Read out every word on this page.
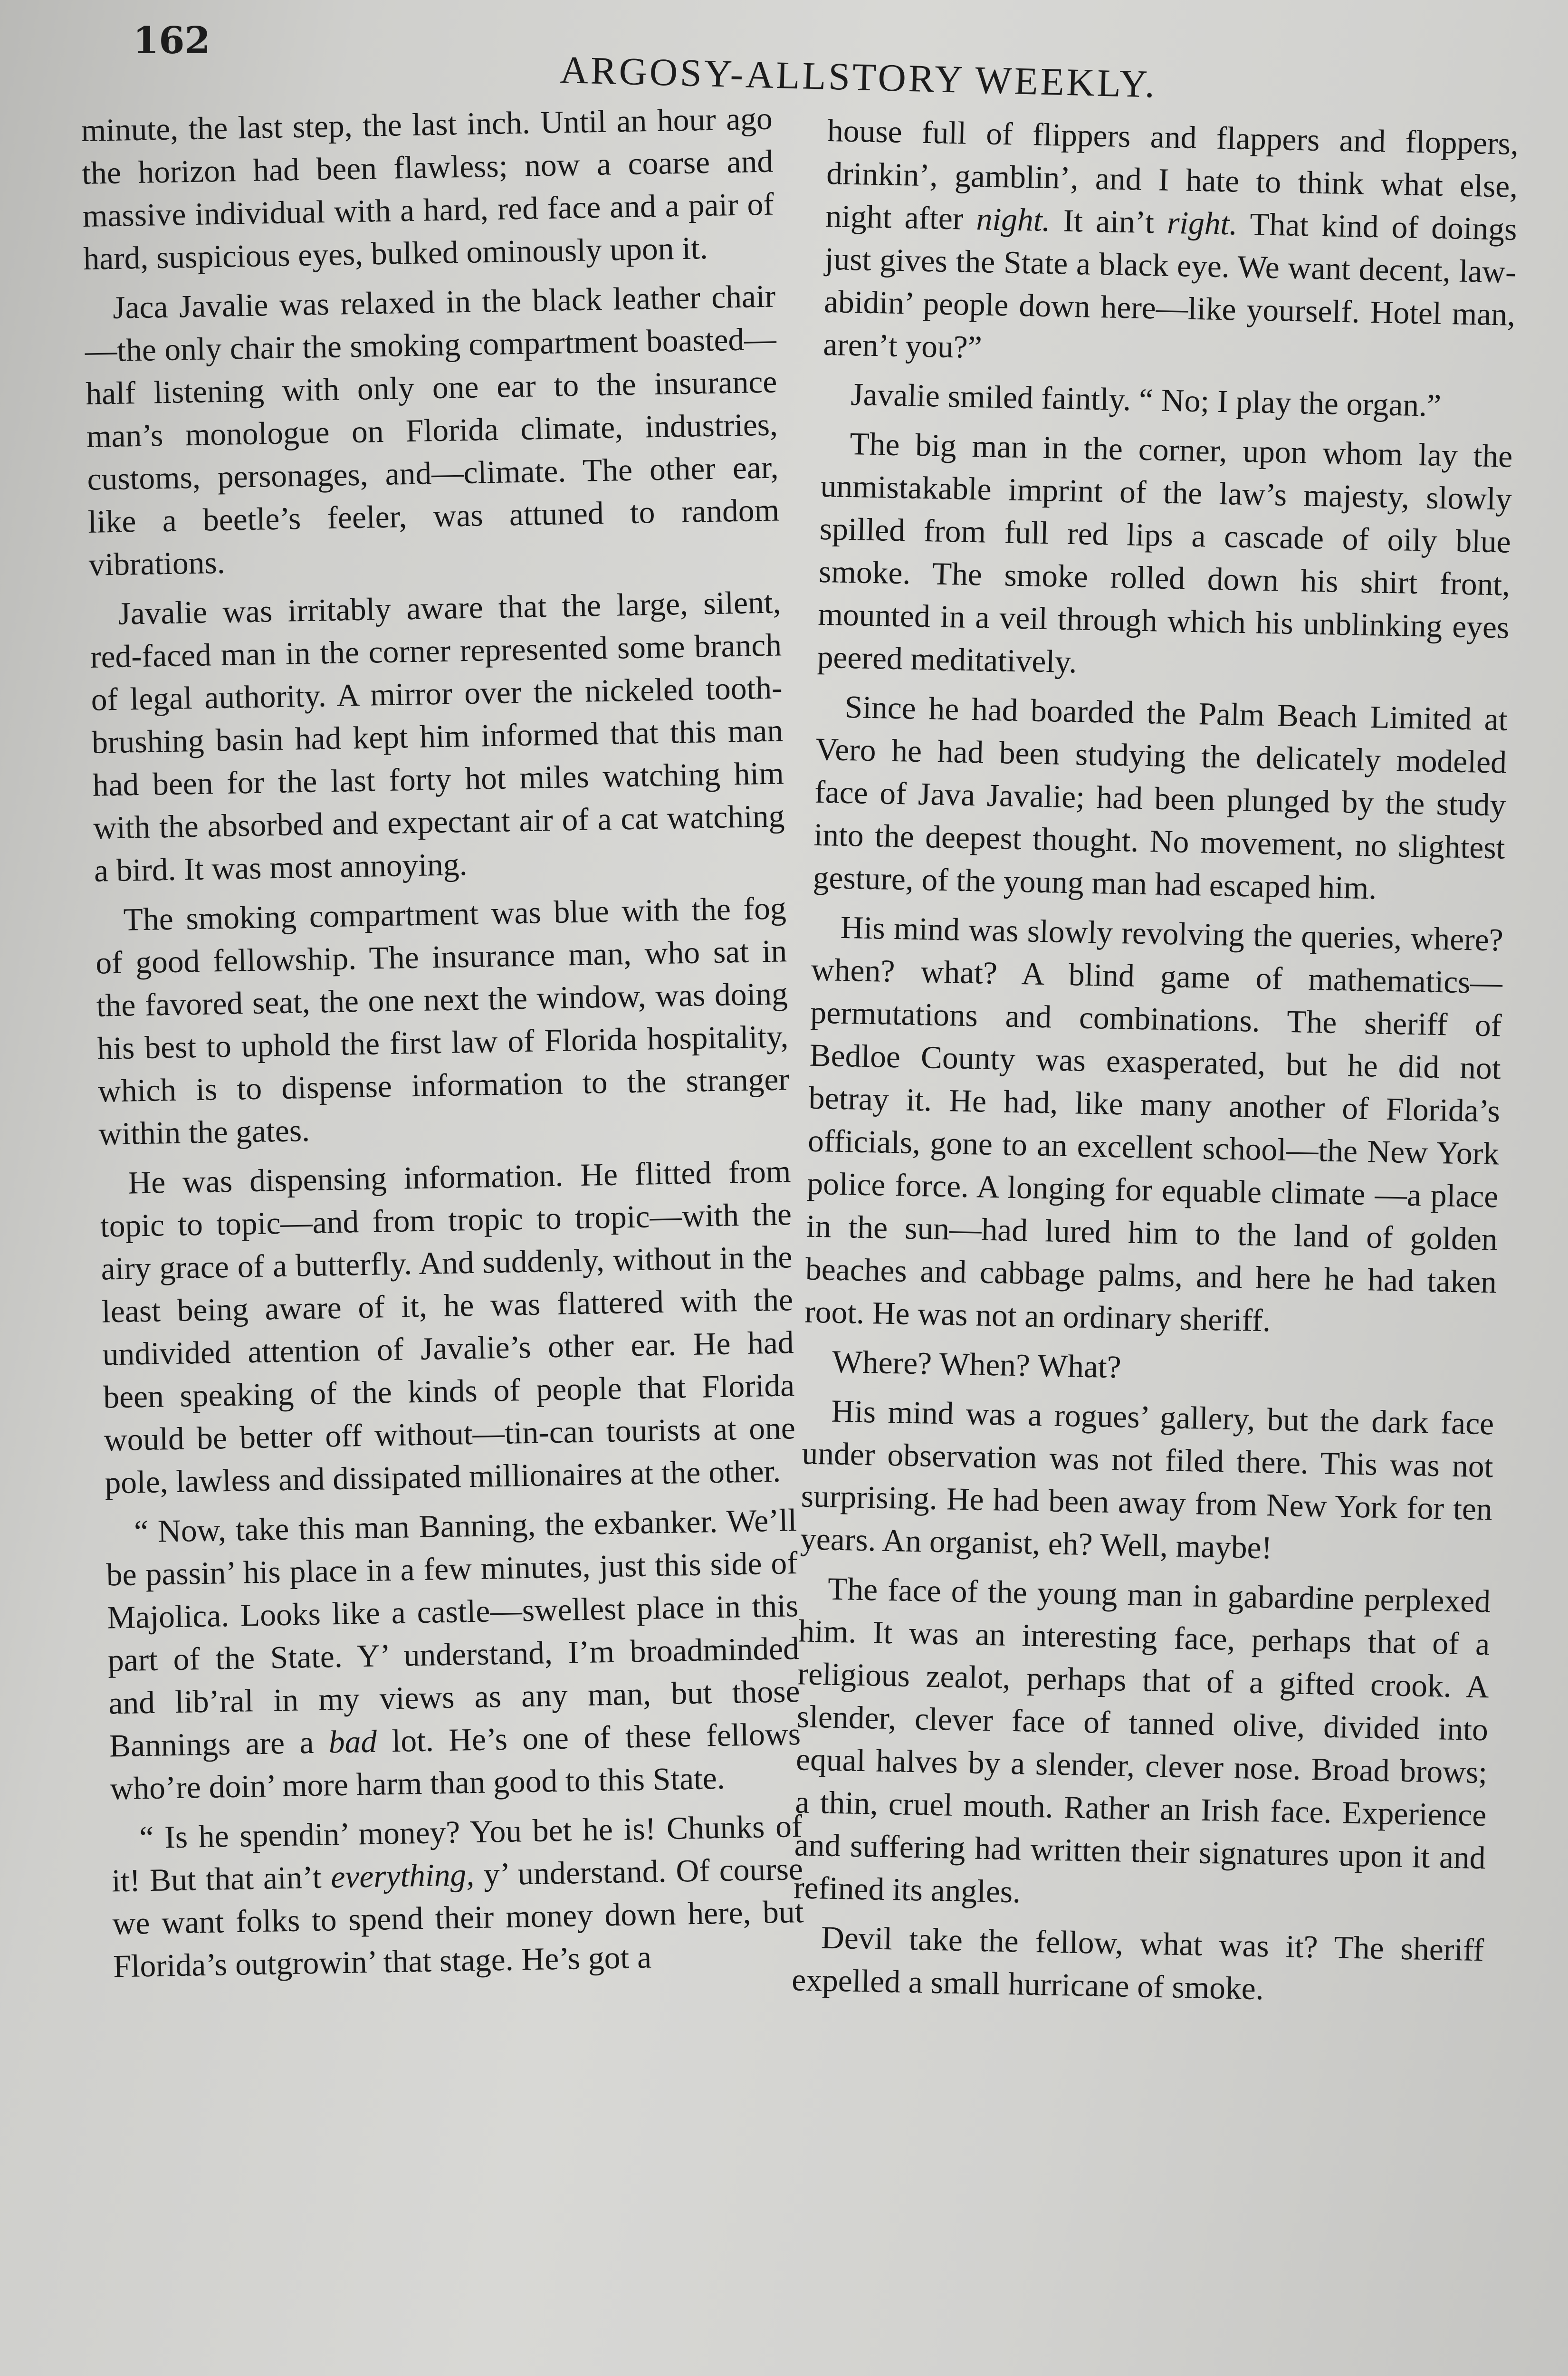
162
ARGOSY-ALLSTORY WEEKLY.

minute, the last step, the last inch. Until an hour ago the horizon had been flawless; now a coarse and massive individual with a hard, red face and a pair of hard, suspicious eyes, bulked ominously upon it.

Jaca Javalie was relaxed in the black leather chair—the only chair the smoking compartment boasted—half listening with only one ear to the insurance man’s monologue on Florida climate, industries, customs, personages, and—climate. The other ear, like a beetle’s feeler, was attuned to random vibrations.

Javalie was irritably aware that the large, silent, red-faced man in the corner represented some branch of legal authority. A mirror over the nickeled tooth-brushing basin had kept him informed that this man had been for the last forty hot miles watching him with the absorbed and expectant air of a cat watching a bird. It was most annoying.

The smoking compartment was blue with the fog of good fellowship. The insurance man, who sat in the favored seat, the one next the window, was doing his best to uphold the first law of Florida hospitality, which is to dispense information to the stranger within the gates.

He was dispensing information. He flitted from topic to topic—and from tropic to tropic—with the airy grace of a butterfly. And suddenly, without in the least being aware of it, he was flattered with the undivided attention of Javalie’s other ear. He had been speaking of the kinds of people that Florida would be better off without—tin-can tourists at one pole, lawless and dissipated millionaires at the other.

“ Now, take this man Banning, the exbanker. We’ll be passin’ his place in a few minutes, just this side of Majolica. Looks like a castle—swellest place in this part of the State. Y’ understand, I’m broadminded and lib’ral in my views as any man, but those Bannings are a bad lot. He’s one of these fellows who’re doin’ more harm than good to this State.

“ Is he spendin’ money? You bet he is! Chunks of it! But that ain’t everything, y’ understand. Of course we want folks to spend their money down here, but Florida’s outgrowin’ that stage. He’s got a

house full of flippers and flappers and floppers, drinkin’, gamblin’, and I hate to think what else, night after night. It ain’t right. That kind of doings just gives the State a black eye. We want decent, law-abidin’ people down here—like yourself. Hotel man, aren’t you?”

Javalie smiled faintly. “ No; I play the organ.”

The big man in the corner, upon whom lay the unmistakable imprint of the law’s majesty, slowly spilled from full red lips a cascade of oily blue smoke. The smoke rolled down his shirt front, mounted in a veil through which his unblinking eyes peered meditatively.

Since he had boarded the Palm Beach Limited at Vero he had been studying the delicately modeled face of Java Javalie; had been plunged by the study into the deepest thought. No movement, no slightest gesture, of the young man had escaped him.

His mind was slowly revolving the queries, where? when? what? A blind game of mathematics—permutations and combinations. The sheriff of Bedloe County was exasperated, but he did not betray it. He had, like many another of Florida’s officials, gone to an excellent school—the New York police force. A longing for equable climate —a place in the sun—had lured him to the land of golden beaches and cabbage palms, and here he had taken root. He was not an ordinary sheriff.

Where? When? What?

His mind was a rogues’ gallery, but the dark face under observation was not filed there. This was not surprising. He had been away from New York for ten years. An organist, eh? Well, maybe!

The face of the young man in gabardine perplexed him. It was an interesting face, perhaps that of a religious zealot, perhaps that of a gifted crook. A slender, clever face of tanned olive, divided into equal halves by a slender, clever nose. Broad brows; a thin, cruel mouth. Rather an Irish face. Experience and suffering had written their signatures upon it and refined its angles.

Devil take the fellow, what was it? The sheriff expelled a small hurricane of smoke.
